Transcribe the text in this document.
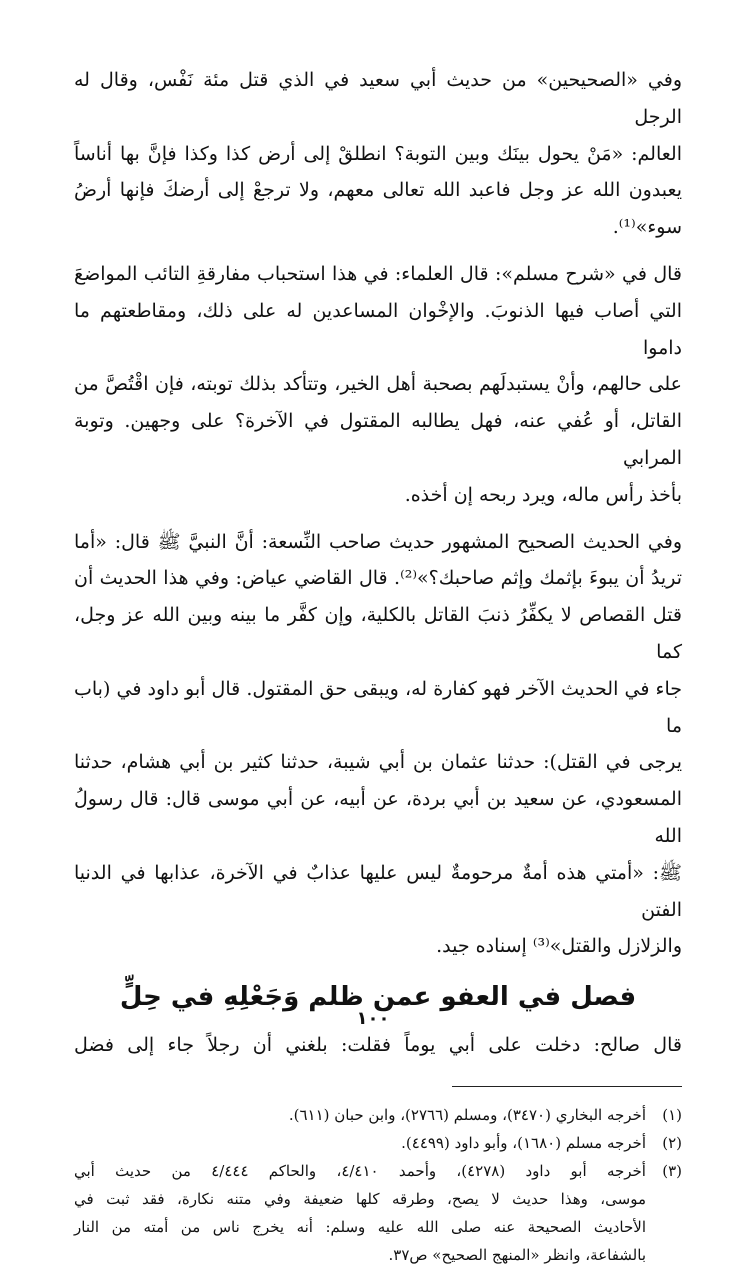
وفي «الصحيحين» من حديث أبي سعيد في الذي قتل مئة نَفْس، وقال له الرجل
العالم: «مَنْ يحول بينَك وبين التوبة؟ انطلقْ إلى أرض كذا وكذا فإنَّ بها أناساً
يعبدون الله عز وجل فاعبد الله تعالى معهم، ولا ترجعْ إلى أرضكَ فإنها أرضُ
سوء»⁽¹⁾.
قال في «شرح مسلم»: قال العلماء: في هذا استحباب مفارقةِ التائب المواضعَ
التي أصاب فيها الذنوبَ. والإخْوان المساعدين له على ذلك، ومقاطعتهم ما داموا
على حالهم، وأنْ يستبدلَهم بصحبة أهل الخير، وتتأكد بذلك توبته، فإن اقْتُصَّ من
القاتل، أو عُفي عنه، فهل يطالبه المقتول في الآخرة؟ على وجهين. وتوبة المرابي
بأخذ رأس ماله، ويرد ربحه إن أخذه.
وفي الحديث الصحيح المشهور حديث صاحب النِّسعة: أنَّ النبيَّ ﷺ قال: «أما
تريدُ أن يبوءَ بإثمك وإثم صاحبك؟»⁽²⁾. قال القاضي عياض: وفي هذا الحديث أن
قتل القصاص لا يكفِّرُ ذنبَ القاتل بالكلية، وإن كفَّر ما بينه وبين الله عز وجل، كما
جاء في الحديث الآخر فهو كفارة له، ويبقى حق المقتول. قال أبو داود في (باب ما
يرجى في القتل): حدثنا عثمان بن أبي شيبة، حدثنا كثير بن أبي هشام، حدثنا
المسعودي، عن سعيد بن أبي بردة، عن أبيه، عن أبي موسى قال: قال رسولُ الله
ﷺ: «أمتي هذه أمةٌ مرحومةٌ ليس عليها عذابٌ في الآخرة، عذابها في الدنيا الفتن
والزلازل والقتل»⁽³⁾ إسناده جيد.
فصل في العفو عمن ظلم وَجَعْلِهِ في حِلٍّ
قال صالح: دخلت على أبي يوماً فقلت: بلغني أن رجلاً جاء إلى فضل
(١)
أخرجه البخاري (٣٤٧٠)، ومسلم (٢٧٦٦)، وابن حبان (٦١١).
(٢)
أخرجه مسلم (١٦٨٠)، وأبو داود (٤٤٩٩).
(٣)
أخرجه أبو داود (٤٢٧٨)، وأحمد ٤/٤١٠، والحاكم ٤/٤٤٤ من حديث أبي
موسى، وهذا حديث لا يصح، وطرقه كلها ضعيفة وفي متنه نكارة، فقد ثبت في
الأحاديث الصحيحة عنه صلى الله عليه وسلم: أنه يخرج ناس من أمته من النار
بالشفاعة، وانظر «المنهج الصحيح» ص٣٧.
١٠٠
